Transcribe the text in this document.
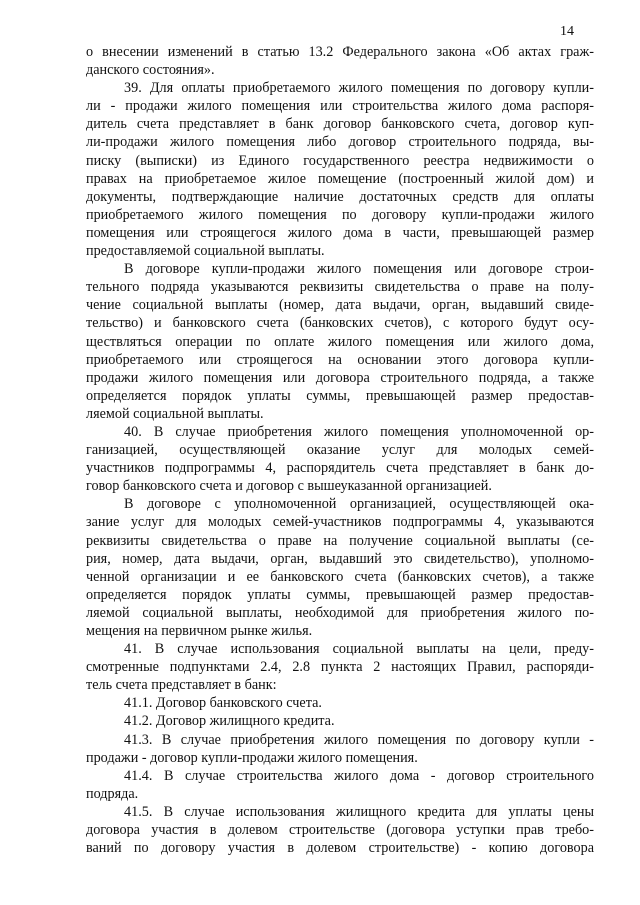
14
о внесении изменений в статью 13.2 Федерального закона «Об актах граж-
данского состояния».
39. Для оплаты приобретаемого жилого помещения по договору купли-
ли - продажи жилого помещения или строительства жилого дома распоря-
дитель счета представляет в банк договор банковского счета, договор куп-
ли-продажи жилого помещения либо договор строительного подряда, вы-
писку (выписки) из Единого государственного реестра недвижимости о
правах на приобретаемое жилое помещение (построенный жилой дом) и
документы, подтверждающие наличие достаточных средств для оплаты
приобретаемого жилого помещения по договору купли-продажи жилого
помещения или строящегося жилого дома в части, превышающей размер
предоставляемой социальной выплаты.
В договоре купли-продажи жилого помещения или договоре строи-
тельного подряда указываются реквизиты свидетельства о праве на полу-
чение социальной выплаты (номер, дата выдачи, орган, выдавший свиде-
тельство) и банковского счета (банковских счетов), с которого будут осу-
ществляться операции по оплате жилого помещения или жилого дома,
приобретаемого или строящегося на основании этого договора купли-
продажи жилого помещения или договора строительного подряда, а также
определяется порядок уплаты суммы, превышающей размер предостав-
ляемой социальной выплаты.
40. В случае приобретения жилого помещения уполномоченной ор-
ганизацией, осуществляющей оказание услуг для молодых семей-
участников подпрограммы 4, распорядитель счета представляет в банк до-
говор банковского счета и договор с вышеуказанной организацией.
В договоре с уполномоченной организацией, осуществляющей ока-
зание услуг для молодых семей-участников подпрограммы 4, указываются
реквизиты свидетельства о праве на получение социальной выплаты (се-
рия, номер, дата выдачи, орган, выдавший это свидетельство), уполномо-
ченной организации и ее банковского счета (банковских счетов), а также
определяется порядок уплаты суммы, превышающей размер предостав-
ляемой социальной выплаты, необходимой для приобретения жилого по-
мещения на первичном рынке жилья.
41. В случае использования социальной выплаты на цели, преду-
смотренные подпунктами 2.4, 2.8 пункта 2 настоящих Правил, распоряди-
тель счета представляет в банк:
41.1. Договор банковского счета.
41.2. Договор жилищного кредита.
41.3. В случае приобретения жилого помещения по договору купли -
продажи - договор купли-продажи жилого помещения.
41.4. В случае строительства жилого дома - договор строительного
подряда.
41.5. В случае использования жилищного кредита для уплаты цены
договора участия в долевом строительстве (договора уступки прав требо-
ваний по договору участия в долевом строительстве) - копию договора
